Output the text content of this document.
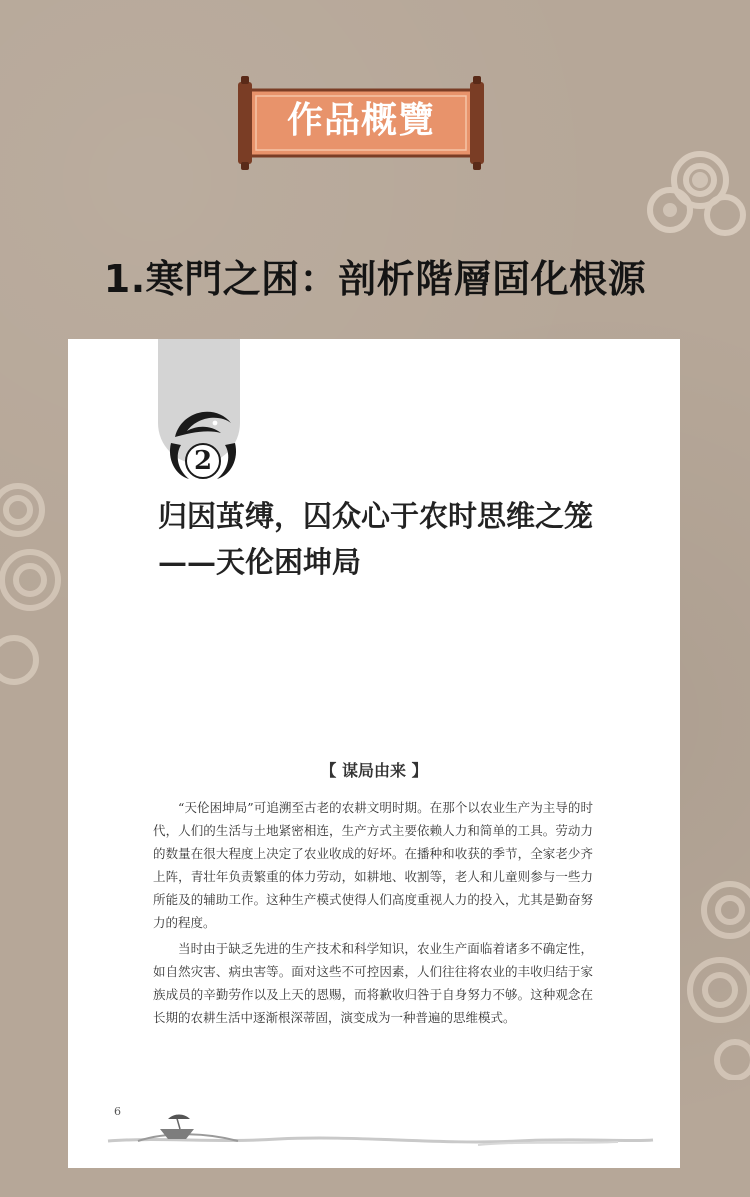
作品概覽
1.寒門之困：剖析階層固化根源
2
归因茧缚，囚众心于农时思维之笼
——天伦困坤局
【 谋局由来 】

“天伦困坤局”可追溯至古老的农耕文明时期。在那个以农业生产为主导的时代，人们的生活与土地紧密相连，生产方式主要依赖人力和简单的工具。劳动力的数量在很大程度上决定了农业收成的好坏。在播种和收获的季节，全家老少齐上阵，青壮年负责繁重的体力劳动，如耕地、收割等，老人和儿童则参与一些力所能及的辅助工作。这种生产模式使得人们高度重视人力的投入，尤其是勤奋努力的程度。

当时由于缺乏先进的生产技术和科学知识，农业生产面临着诸多不确定性，如自然灾害、病虫害等。面对这些不可控因素，人们往往将农业的丰收归结于家族成员的辛勤劳作以及上天的恩赐，而将歉收归咎于自身努力不够。这种观念在长期的农耕生活中逐渐根深蒂固，演变成为一种普遍的思维模式。

6
